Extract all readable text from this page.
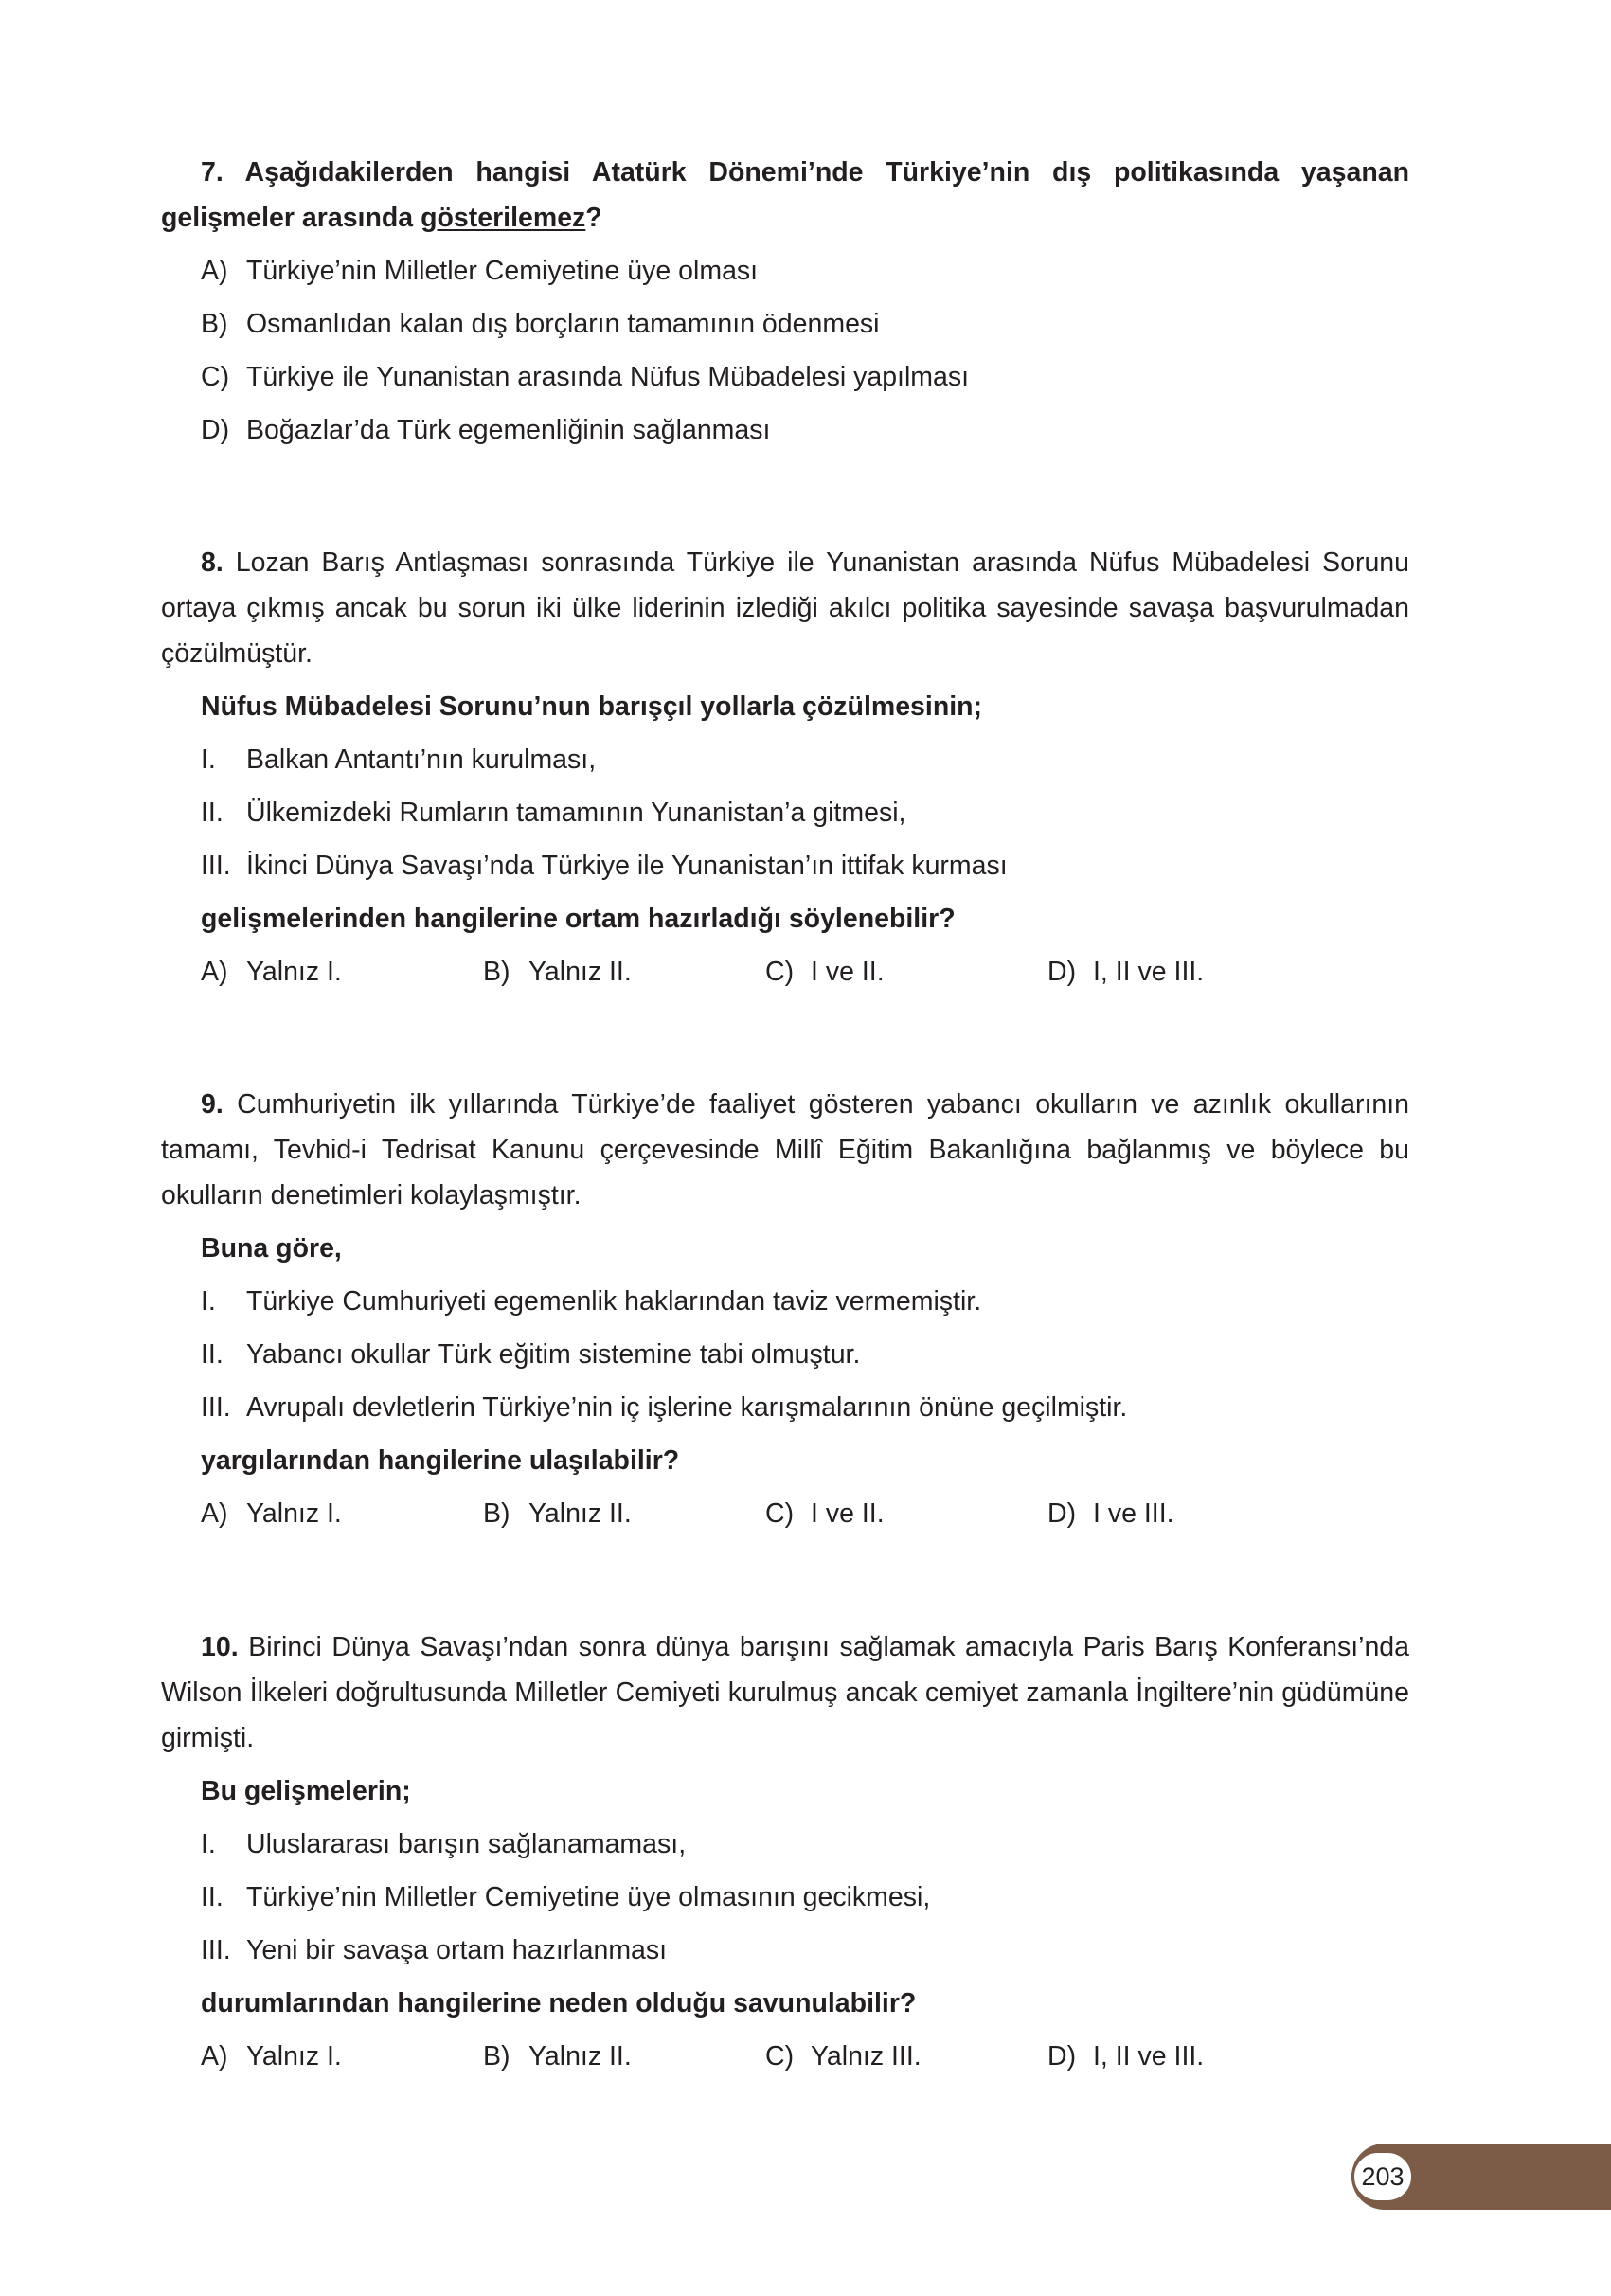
7. Aşağıdakilerden hangisi Atatürk Dönemi’nde Türkiye’nin dış politikasında yaşanan gelişmeler arasında gösterilemez?

A) Türkiye’nin Milletler Cemiyetine üye olması
B) Osmanlıdan kalan dış borçların tamamının ödenmesi
C) Türkiye ile Yunanistan arasında Nüfus Mübadelesi yapılması
D) Boğazlar’da Türk egemenliğinin sağlanması

8. Lozan Barış Antlaşması sonrasında Türkiye ile Yunanistan arasında Nüfus Mübadelesi Sorunu ortaya çıkmış ancak bu sorun iki ülke liderinin izlediği akılcı politika sayesinde savaşa başvurulmadan çözülmüştür.

Nüfus Mübadelesi Sorunu’nun barışçıl yollarla çözülmesinin;
I.	Balkan Antantı’nın kurulması,
II. Ülkemizdeki Rumların tamamının Yunanistan’a gitmesi,
III. İkinci Dünya Savaşı’nda Türkiye ile Yunanistan’ın ittifak kurması
gelişmelerinden hangilerine ortam hazırladığı söylenebilir?
A) Yalnız I.	B) Yalnız II.	C) I ve II.	D) I, II ve III.

9. Cumhuriyetin ilk yıllarında Türkiye’de faaliyet gösteren yabancı okulların ve azınlık okullarının tamamı, Tevhid-i Tedrisat Kanunu çerçevesinde Millî Eğitim Bakanlığına bağlanmış ve böylece bu okulların denetimleri kolaylaşmıştır.

Buna göre,
I.	Türkiye Cumhuriyeti egemenlik haklarından taviz vermemiştir.
II. Yabancı okullar Türk eğitim sistemine tabi olmuştur.
III. Avrupalı devletlerin Türkiye’nin iç işlerine karışmalarının önüne geçilmiştir.
yargılarından hangilerine ulaşılabilir?
A) Yalnız I.	B) Yalnız II.	C) I ve II.	D) I ve III.

10. Birinci Dünya Savaşı’ndan sonra dünya barışını sağlamak amacıyla Paris Barış Konferansı’nda Wilson İlkeleri doğrultusunda Milletler Cemiyeti kurulmuş ancak cemiyet zamanla İngiltere’nin güdümüne girmişti.

Bu gelişmelerin;
I.	Uluslararası barışın sağlanamaması,
II. Türkiye’nin Milletler Cemiyetine üye olmasının gecikmesi,
III. Yeni bir savaşa ortam hazırlanması
durumlarından hangilerine neden olduğu savunulabilir?
A) Yalnız I.	B) Yalnız II.	C) Yalnız III.	D) I, II ve III.
203
